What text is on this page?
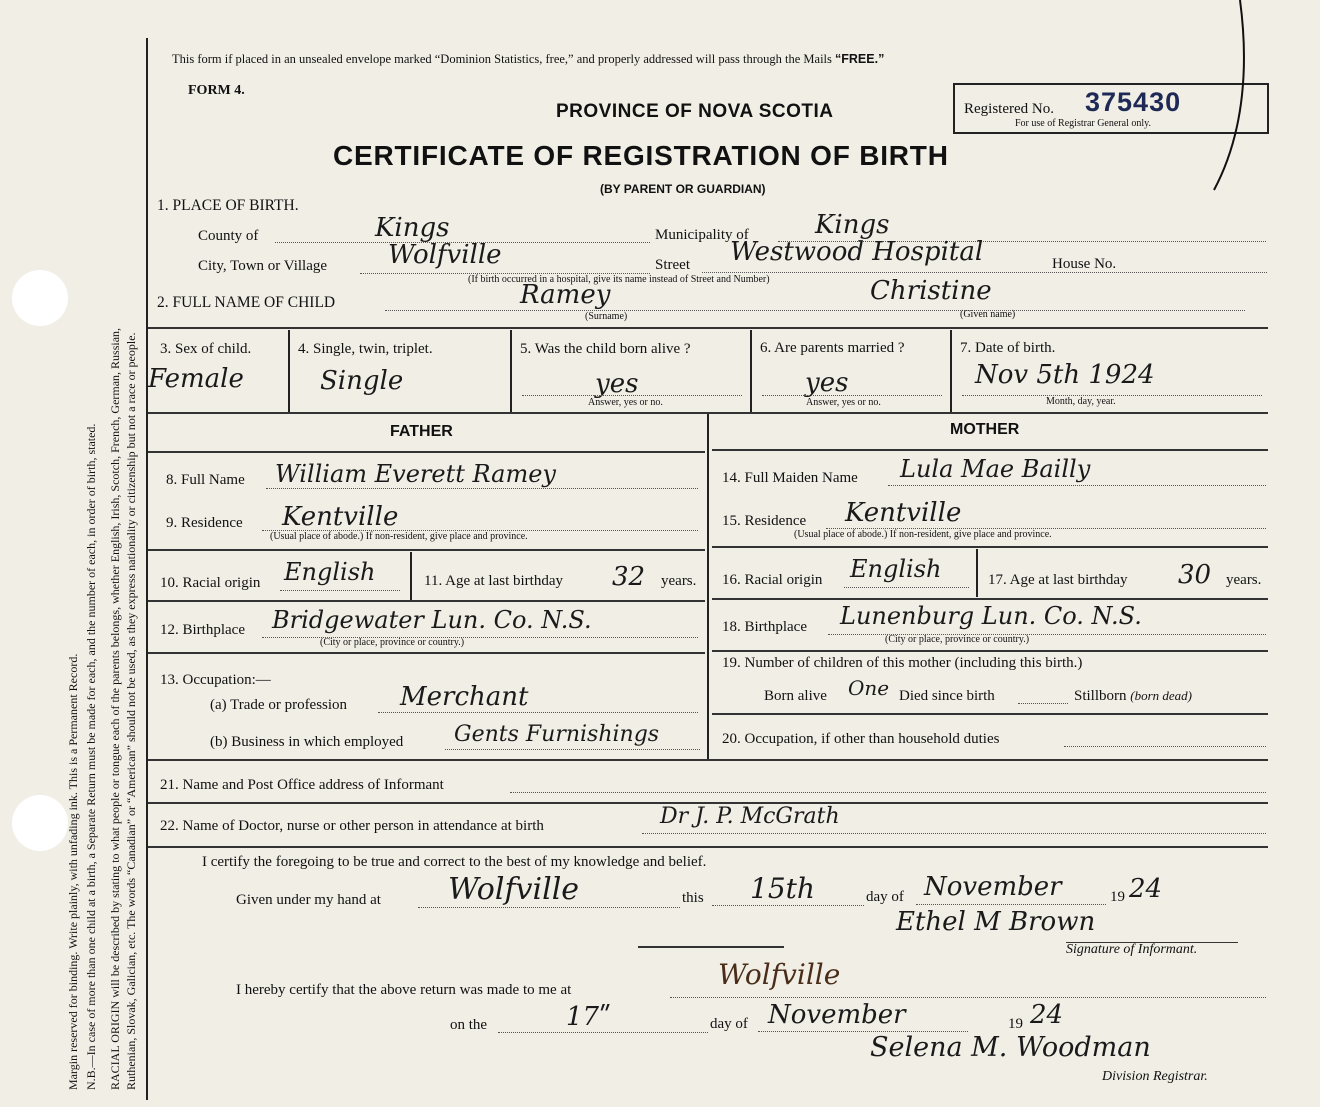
Margin reserved for binding. Write plainly, with unfading ink. This is a Permanent Record. N.B.—In case of more than one child at a birth, a Separate Return must be made for each, and the number of each, in order of birth, stated. RACIAL ORIGIN will be described by stating to what people or tongue each of the parents belongs, whether English, Irish, Scotch, French, German, Russian, Ruthenian, Slovak, Galician, etc. The words “Canadian” or “American” should not be used, as they express nationality or citizenship but not a race or people.
This form if placed in an unsealed envelope marked “Dominion Statistics, free,” and properly addressed will pass through the Mails “FREE.”
FORM 4.
PROVINCE OF NOVA SCOTIA
CERTIFICATE OF REGISTRATION OF BIRTH
(BY PARENT OR GUARDIAN)
Registered No. 375430
For use of Registrar General only.
1. PLACE OF BIRTH.
County of	Kings	Municipality of	Kings
City, Town or Village Wolfville	Street Westwood Hospital	House No.
(If birth occurred in a hospital, give its name instead of Street and Number)
2. FULL NAME OF CHILD	Ramey
(Surname)
Christine
(Given name)
3. Sex of child.
Female
4. Single, twin, triplet.
Single
5. Was the child born alive ?
yes
Answer, yes or no.
6. Are parents married ?
yes
Answer, yes or no.
7. Date of birth.
Nov 5th 1924
Month, day, year.
FATHER
8. Full Name William Everett Ramey
9. Residence Kentville
(Usual place of abode.) If non-resident, give place and province.
10. Racial origin English	11. Age at last birthday 32 years.
12. Birthplace Bridgewater Lun. Co. N.S.
(City or place, province or country.)
13. Occupation:—
(a) Trade or profession Merchant
(b) Business in which employed Gents Furnishings
MOTHER
14. Full Maiden Name Lula Mae Bailly
15. Residence Kentville
(Usual place of abode.) If non-resident, give place and province.
16. Racial origin English	17. Age at last birthday 30 years.
18. Birthplace Lunenburg Lun. Co. N.S.
(City or place, province or country.)
19. Number of children of this mother (including this birth.)
Born alive One Died since birth	Stillborn (born dead)
20. Occupation, if other than household duties
21. Name and Post Office address of Informant
22. Name of Doctor, nurse or other person in attendance at birth	Dr J. P. McGrath
I certify the foregoing to be true and correct to the best of my knowledge and belief.
Given under my hand at Wolfville	this 15th	day of November	19 24
Ethel M Brown
Signature of Informant.
I hereby certify that the above return was made to me at	Wolfville
on the	17ʺ	day of November	19 24
Selena M. Woodman
Division Registrar.
